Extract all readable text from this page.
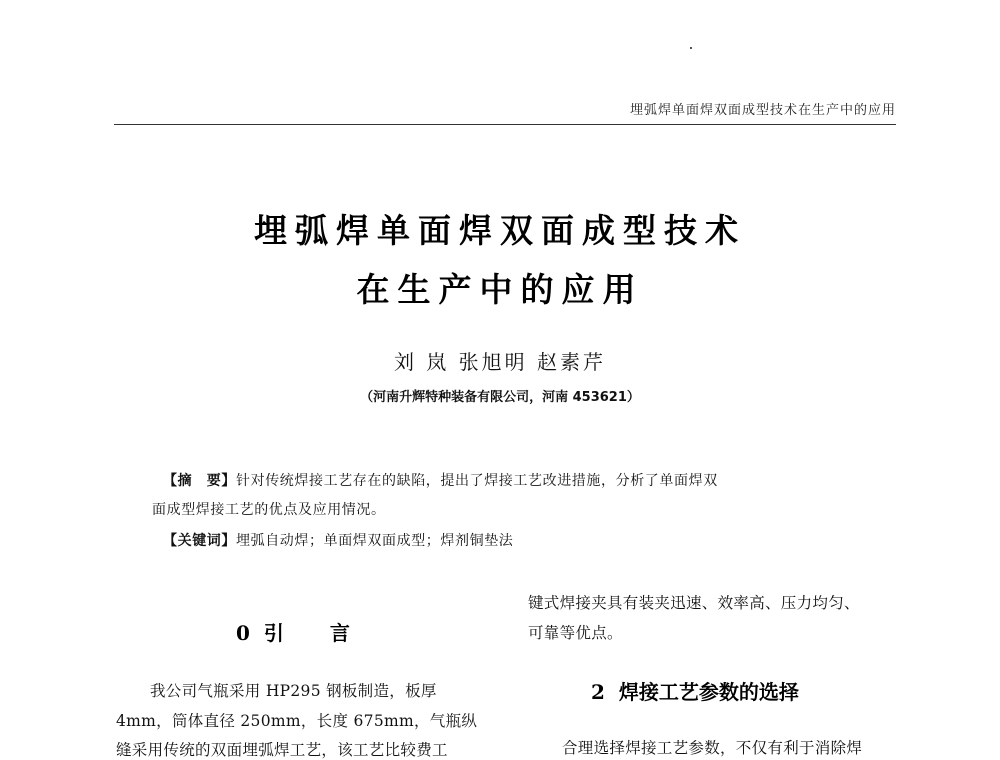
埋弧焊单面焊双面成型技术在生产中的应用
埋弧焊单面焊双面成型技术
在生产中的应用
刘 岚 张旭明 赵素芹
（河南升辉特种装备有限公司，河南 453621）
【摘　要】针对传统焊接工艺存在的缺陷，提出了焊接工艺改进措施，分析了单面焊双
面成型焊接工艺的优点及应用情况。
【关键词】埋弧自动焊；单面焊双面成型；焊剂铜垫法
0 引 言
2 焊接工艺参数的选择
我公司气瓶采用 HP295 钢板制造，板厚
4mm，筒体直径 250mm，长度 675mm，气瓶纵
缝采用传统的双面埋弧焊工艺，该工艺比较费工
键式焊接夹具有装夹迅速、效率高、压力均匀、
可靠等优点。
合理选择焊接工艺参数，不仅有利于消除焊
